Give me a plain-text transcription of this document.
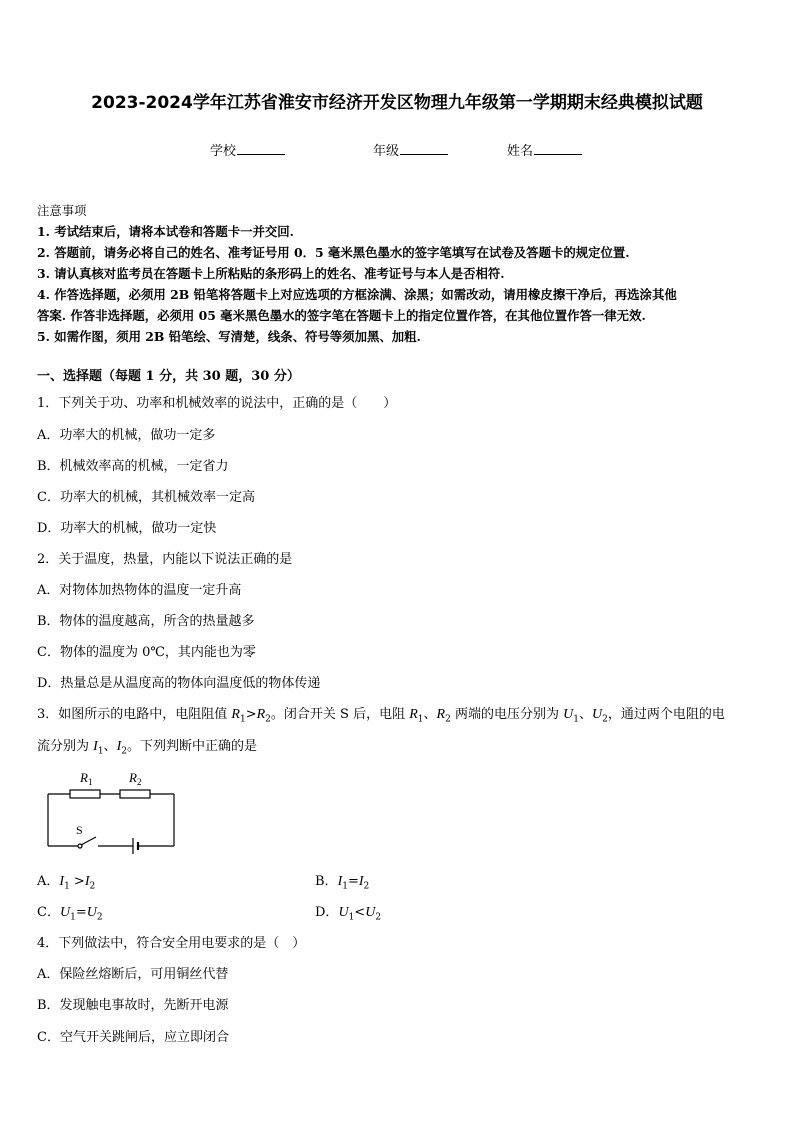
2023-2024学年江苏省淮安市经济开发区物理九年级第一学期期末经典模拟试题
学校	年级	姓名
注意事项
1. 考试结束后，请将本试卷和答题卡一并交回.
2. 答题前，请务必将自己的姓名、准考证号用 0．5 毫米黑色墨水的签字笔填写在试卷及答题卡的规定位置.
3. 请认真核对监考员在答题卡上所粘贴的条形码上的姓名、准考证号与本人是否相符.
4. 作答选择题，必须用 2B 铅笔将答题卡上对应选项的方框涂满、涂黑；如需改动，请用橡皮擦干净后，再选涂其他
答案. 作答非选择题，必须用 05 毫米黑色墨水的签字笔在答题卡上的指定位置作答，在其他位置作答一律无效.
5. 如需作图，须用 2B 铅笔绘、写清楚，线条、符号等须加黑、加粗.
一、选择题（每题 1 分，共 30 题，30 分）
1．下列关于功、功率和机械效率的说法中，正确的是（　　）
A．功率大的机械，做功一定多
B．机械效率高的机械，一定省力
C．功率大的机械，其机械效率一定高
D．功率大的机械，做功一定快
2．关于温度，热量，内能以下说法正确的是
A．对物体加热物体的温度一定升高
B．物体的温度越高，所含的热量越多
C．物体的温度为 0℃，其内能也为零
D．热量总是从温度高的物体向温度低的物体传递
3．如图所示的电路中，电阻阻值 $R_1>R_2$。闭合开关 S 后，电阻 $R_1$、$R_2$ 两端的电压分别为 $U_1$、$U_2$，通过两个电阻的电
流分别为 $I_1$、$I_2$。下列判断中正确的是
$R_1$	$R_2$
S
A．$I_1 >I_2$	B．$I_1=I_2$
C．$U_1=U_2$	D．$U_1<U_2$
4．下列做法中，符合安全用电要求的是（　）
A．保险丝熔断后，可用铜丝代替
B．发现触电事故时，先断开电源
C．空气开关跳闸后，应立即闭合
